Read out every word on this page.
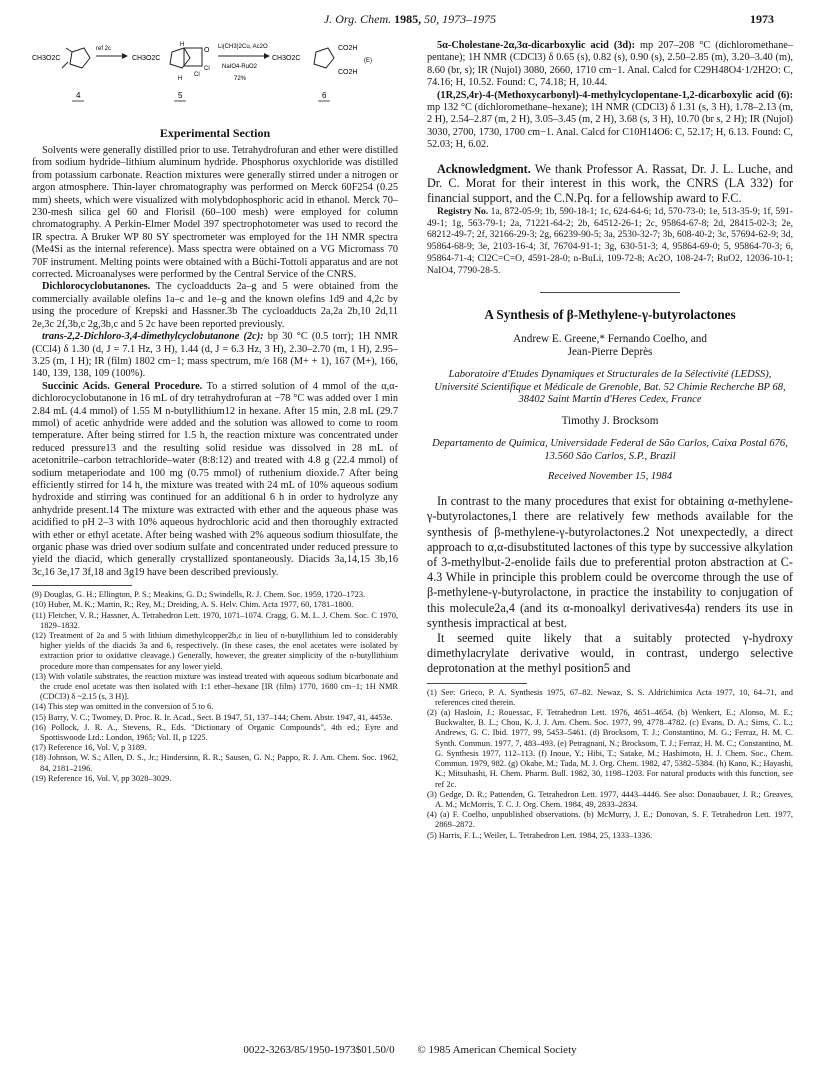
J. Org. Chem. 1985, 50, 1973–1975	1973
CH3O2C
4
ref 2c
CH3O2C
O
Cl
Cl
H
H
5
Li(CH3)2Cu, Ac2O
NaIO4-RuO2
72%
CH3O2C
CO2H
CO2H
(E)
6
Experimental Section

Solvents were generally distilled prior to use. Tetrahydrofuran and ether were distilled from sodium hydride–lithium aluminum hydride. Phosphorus oxychloride was distilled from potassium carbonate. Reaction mixtures were generally stirred under a nitrogen or argon atmosphere. Thin-layer chromatography was performed on Merck 60F254 (0.25 mm) sheets, which were visualized with molybdophosphoric acid in ethanol. Merck 70–230-mesh silica gel 60 and Florisil (60–100 mesh) were employed for column chromatography. A Perkin-Elmer Model 397 spectrophotometer was used to record the IR spectra. A Bruker WP 80 SY spectrometer was employed for the 1H NMR spectra (Me4Si as the internal reference). Mass spectra were obtained on a VG Micromass 70 70F instrument. Melting points were obtained with a Büchi-Tottoli apparatus and are not corrected. Microanalyses were performed by the Central Service of the CNRS.

Dichlorocyclobutanones. The cycloadducts 2a–g and 5 were obtained from the commercially available olefins 1a–c and 1e–g and the known olefins 1d9 and 4,2c by using the procedure of Krepski and Hassner.3b The cycloadducts 2a,2a 2b,10 2d,11 2e,3c 2f,3b,c 2g,3b,c and 5 2c have been reported previously.

trans-2,2-Dichloro-3,4-dimethylcyclobutanone (2c): bp 30 °C (0.5 torr); 1H NMR (CCl4) δ 1.30 (d, J = 7.1 Hz, 3 H), 1.44 (d, J = 6.3 Hz, 3 H), 2.30–2.70 (m, 1 H), 2.95–3.25 (m, 1 H); IR (film) 1802 cm−1; mass spectrum, m/e 168 (M+ + 1), 167 (M+), 166, 140, 139, 138, 109 (100%).

Succinic Acids. General Procedure. To a stirred solution of 4 mmol of the α,α-dichlorocyclobutanone in 16 mL of dry tetrahydrofuran at −78 °C was added over 1 min 2.84 mL (4.4 mmol) of 1.55 M n-butyllithium12 in hexane. After 15 min, 2.8 mL (29.7 mmol) of acetic anhydride were added and the solution was allowed to come to room temperature. After being stirred for 1.5 h, the reaction mixture was concentrated under reduced pressure13 and the resulting solid residue was dissolved in 28 mL of acetonitrile–carbon tetrachloride–water (8:8:12) and treated with 4.8 g (22.4 mmol) of sodium metaperiodate and 100 mg (0.75 mmol) of ruthenium dioxide.7 After being efficiently stirred for 14 h, the mixture was treated with 24 mL of 10% aqueous sodium hydroxide and stirring was continued for an additional 6 h in order to hydrolyze any anhydride present.14 The mixture was extracted with ether and the aqueous phase was acidified to pH 2–3 with 10% aqueous hydrochloric acid and then thoroughly extracted with ether or ethyl acetate. After being washed with 2% aqueous sodium thiosulfate, the organic phase was dried over sodium sulfate and concentrated under reduced pressure to yield the diacid, which generally crystallized spontaneously. Diacids 3a,14,15 3b,16 3c,16 3e,17 3f,18 and 3g19 have been described previously.

(9) Douglas, G. H.; Ellington, P. S.; Meakins, G. D.; Swindells, R. J. Chem. Soc. 1959, 1720–1723.

(10) Huber, M. K.; Martin, R.; Rey, M.; Dreiding, A. S. Helv. Chim. Acta 1977, 60, 1781–1800.

(11) Fletcher, V. R.; Hassner, A. Tetrahedron Lett. 1970, 1071–1074. Cragg, G. M. L. J. Chem. Soc. C 1970, 1829–1832.

(12) Treatment of 2a and 5 with lithium dimethylcopper2b,c in lieu of n-butyllithium led to considerably higher yields of the diacids 3a and 6, respectively. (In these cases, the enol acetates were isolated by extraction prior to oxidative cleavage.) Generally, however, the greater simplicity of the n-butyllithium procedure more than compensates for any lower yield.

(13) With volatile substrates, the reaction mixture was instead treated with aqueous sodium bicarbonate and the crude enol acetate was then isolated with 1:1 ether–hexane [IR (film) 1770, 1680 cm−1; 1H NMR (CDCl3) δ ~2.15 (s, 3 H)].

(14) This step was omitted in the conversion of 5 to 6.

(15) Barry, V. C.; Twomey, D. Proc. R. Ir. Acad., Sect. B 1947, 51, 137–144; Chem. Abstr. 1947, 41, 4453e.

(16) Pollock, J. R. A., Stevens, R., Eds. "Dictionary of Organic Compounds", 4th ed.; Eyre and Spottiswoode Ltd.: London, 1965; Vol. II, p 1225.

(17) Reference 16, Vol. V, p 3189.

(18) Johnson, W. S.; Allen, D. S., Jr.; Hindersinn, R. R.; Sausen, G. N.; Pappo, R. J. Am. Chem. Soc. 1962, 84, 2181–2196.

(19) Reference 16, Vol. V, pp 3028–3029.

5α-Cholestane-2α,3α-dicarboxylic acid (3d): mp 207–208 °C (dichloromethane–pentane); 1H NMR (CDCl3) δ 0.65 (s), 0.82 (s), 0.90 (s), 2.50–2.85 (m), 3.20–3.40 (m), 8.60 (br, s); IR (Nujol) 3080, 2660, 1710 cm−1. Anal. Calcd for C29H48O4·1/2H2O: C, 74.16; H, 10.52. Found: C, 74.18; H, 10.44.

(1R,2S,4r)-4-(Methoxycarbonyl)-4-methylcyclopentane-1,2-dicarboxylic acid (6): mp 132 °C (dichloromethane–hexane); 1H NMR (CDCl3) δ 1.31 (s, 3 H), 1.78–2.13 (m, 2 H), 2.54–2.87 (m, 2 H), 3.05–3.45 (m, 2 H), 3.68 (s, 3 H), 10.70 (br s, 2 H); IR (Nujol) 3030, 2700, 1730, 1700 cm−1. Anal. Calcd for C10H14O6: C, 52.17; H, 6.13. Found: C, 52.03; H, 6.02.

Acknowledgment. We thank Professor A. Rassat, Dr. J. L. Luche, and Dr. C. Morat for their interest in this work, the CNRS (LA 332) for financial support, and the C.N.Pq. for a fellowship award to F.C.

Registry No. 1a, 872-05-9; 1b, 590-18-1; 1c, 624-64-6; 1d, 570-73-0; 1e, 513-35-9; 1f, 591-49-1; 1g, 563-79-1; 2a, 71221-64-2; 2b, 64512-26-1; 2c, 95864-67-8; 2d, 28415-02-3; 2e, 68212-49-7; 2f, 32166-29-3; 2g, 66239-90-5; 3a, 2530-32-7; 3b, 608-40-2; 3c, 57694-62-9; 3d, 95864-68-9; 3e, 2103-16-4; 3f, 76704-91-1; 3g, 630-51-3; 4, 95864-69-0; 5, 95864-70-3; 6, 95864-71-4; Cl2C=C=O, 4591-28-0; n-BuLi, 109-72-8; Ac2O, 108-24-7; RuO2, 12036-10-1; NaIO4, 7790-28-5.

A Synthesis of β-Methylene-γ-butyrolactones
Andrew E. Greene,* Fernando Coelho, and
Jean-Pierre Deprès
Laboratoire d'Etudes Dynamiques et Structurales de la Sélectivité (LEDSS), Université Scientifique et Médicale de Grenoble, Bat. 52 Chimie Recherche BP 68, 38402 Saint Martin d'Heres Cedex, France
Timothy J. Brocksom
Departamento de Química, Universidade Federal de São Carlos, Caixa Postal 676, 13.560 São Carlos, S.P., Brazil
Received November 15, 1984

In contrast to the many procedures that exist for obtaining α-methylene-γ-butyrolactones,1 there are relatively few methods available for the synthesis of β-methylene-γ-butyrolactones.2 Not unexpectedly, a direct approach to α,α-disubstituted lactones of this type by successive alkylation of 3-methylbut-2-enolide fails due to preferential proton abstraction at C-4.3 While in principle this problem could be overcome through the use of β-methylene-γ-butyrolactone, in practice the instability to conjugation of this molecule2a,4 (and its α-monoalkyl derivatives4a) renders its use in synthesis impractical at best.

It seemed quite likely that a suitably protected γ-hydroxy dimethylacrylate derivative would, in contrast, undergo selective deprotonation at the methyl position5 and

(1) See: Grieco, P. A. Synthesis 1975, 67–82. Newaz, S. S. Aldrichimica Acta 1977, 10, 64–71, and references cited therein.

(2) (a) Hasloin, J.; Rouessac, F. Tetrahedron Lett. 1976, 4651–4654. (b) Wenkert, E.; Alonso, M. E.; Buckwalter, B. L.; Chou, K. J. J. Am. Chem. Soc. 1977, 99, 4778–4782. (c) Evans, D. A.; Sims, C. L.; Andrews, G. C. Ibid. 1977, 99, 5453–5461. (d) Brocksom, T. J.; Constantino, M. G.; Ferraz, H. M. C. Synth. Commun. 1977, 7, 483–493. (e) Petragnani, N.; Brocksom, T. J.; Ferraz, H. M. C.; Constantino, M. G. Synthesis 1977, 112–113. (f) Inoue, Y.; Hibi, T.; Satake, M.; Hashimoto, H. J. Chem. Soc., Chem. Commun. 1979, 982. (g) Okabe, M.; Tada, M. J. Org. Chem. 1982, 47, 5382–5384. (h) Kano, K.; Hayashi, K.; Mitsuhashi, H. Chem. Pharm. Bull. 1982, 30, 1198–1203. For natural products with this function, see ref 2c.

(3) Gedge, D. R.; Pattenden, G. Tetrahedron Lett. 1977, 4443–4446. See also: Donaubauer, J. R.; Greaves, A. M.; McMorris, T. C. J. Org. Chem. 1984, 49, 2833–2834.

(4) (a) F. Coelho, unpublished observations. (b) McMurry, J. E.; Donovan, S. F. Tetrahedron Lett. 1977, 2869–2872.

(5) Harris, F. L.; Weiler, L. Tetrahedron Lett. 1984, 25, 1333–1336.

0022-3263/85/1950-1973$01.50/0 © 1985 American Chemical Society
